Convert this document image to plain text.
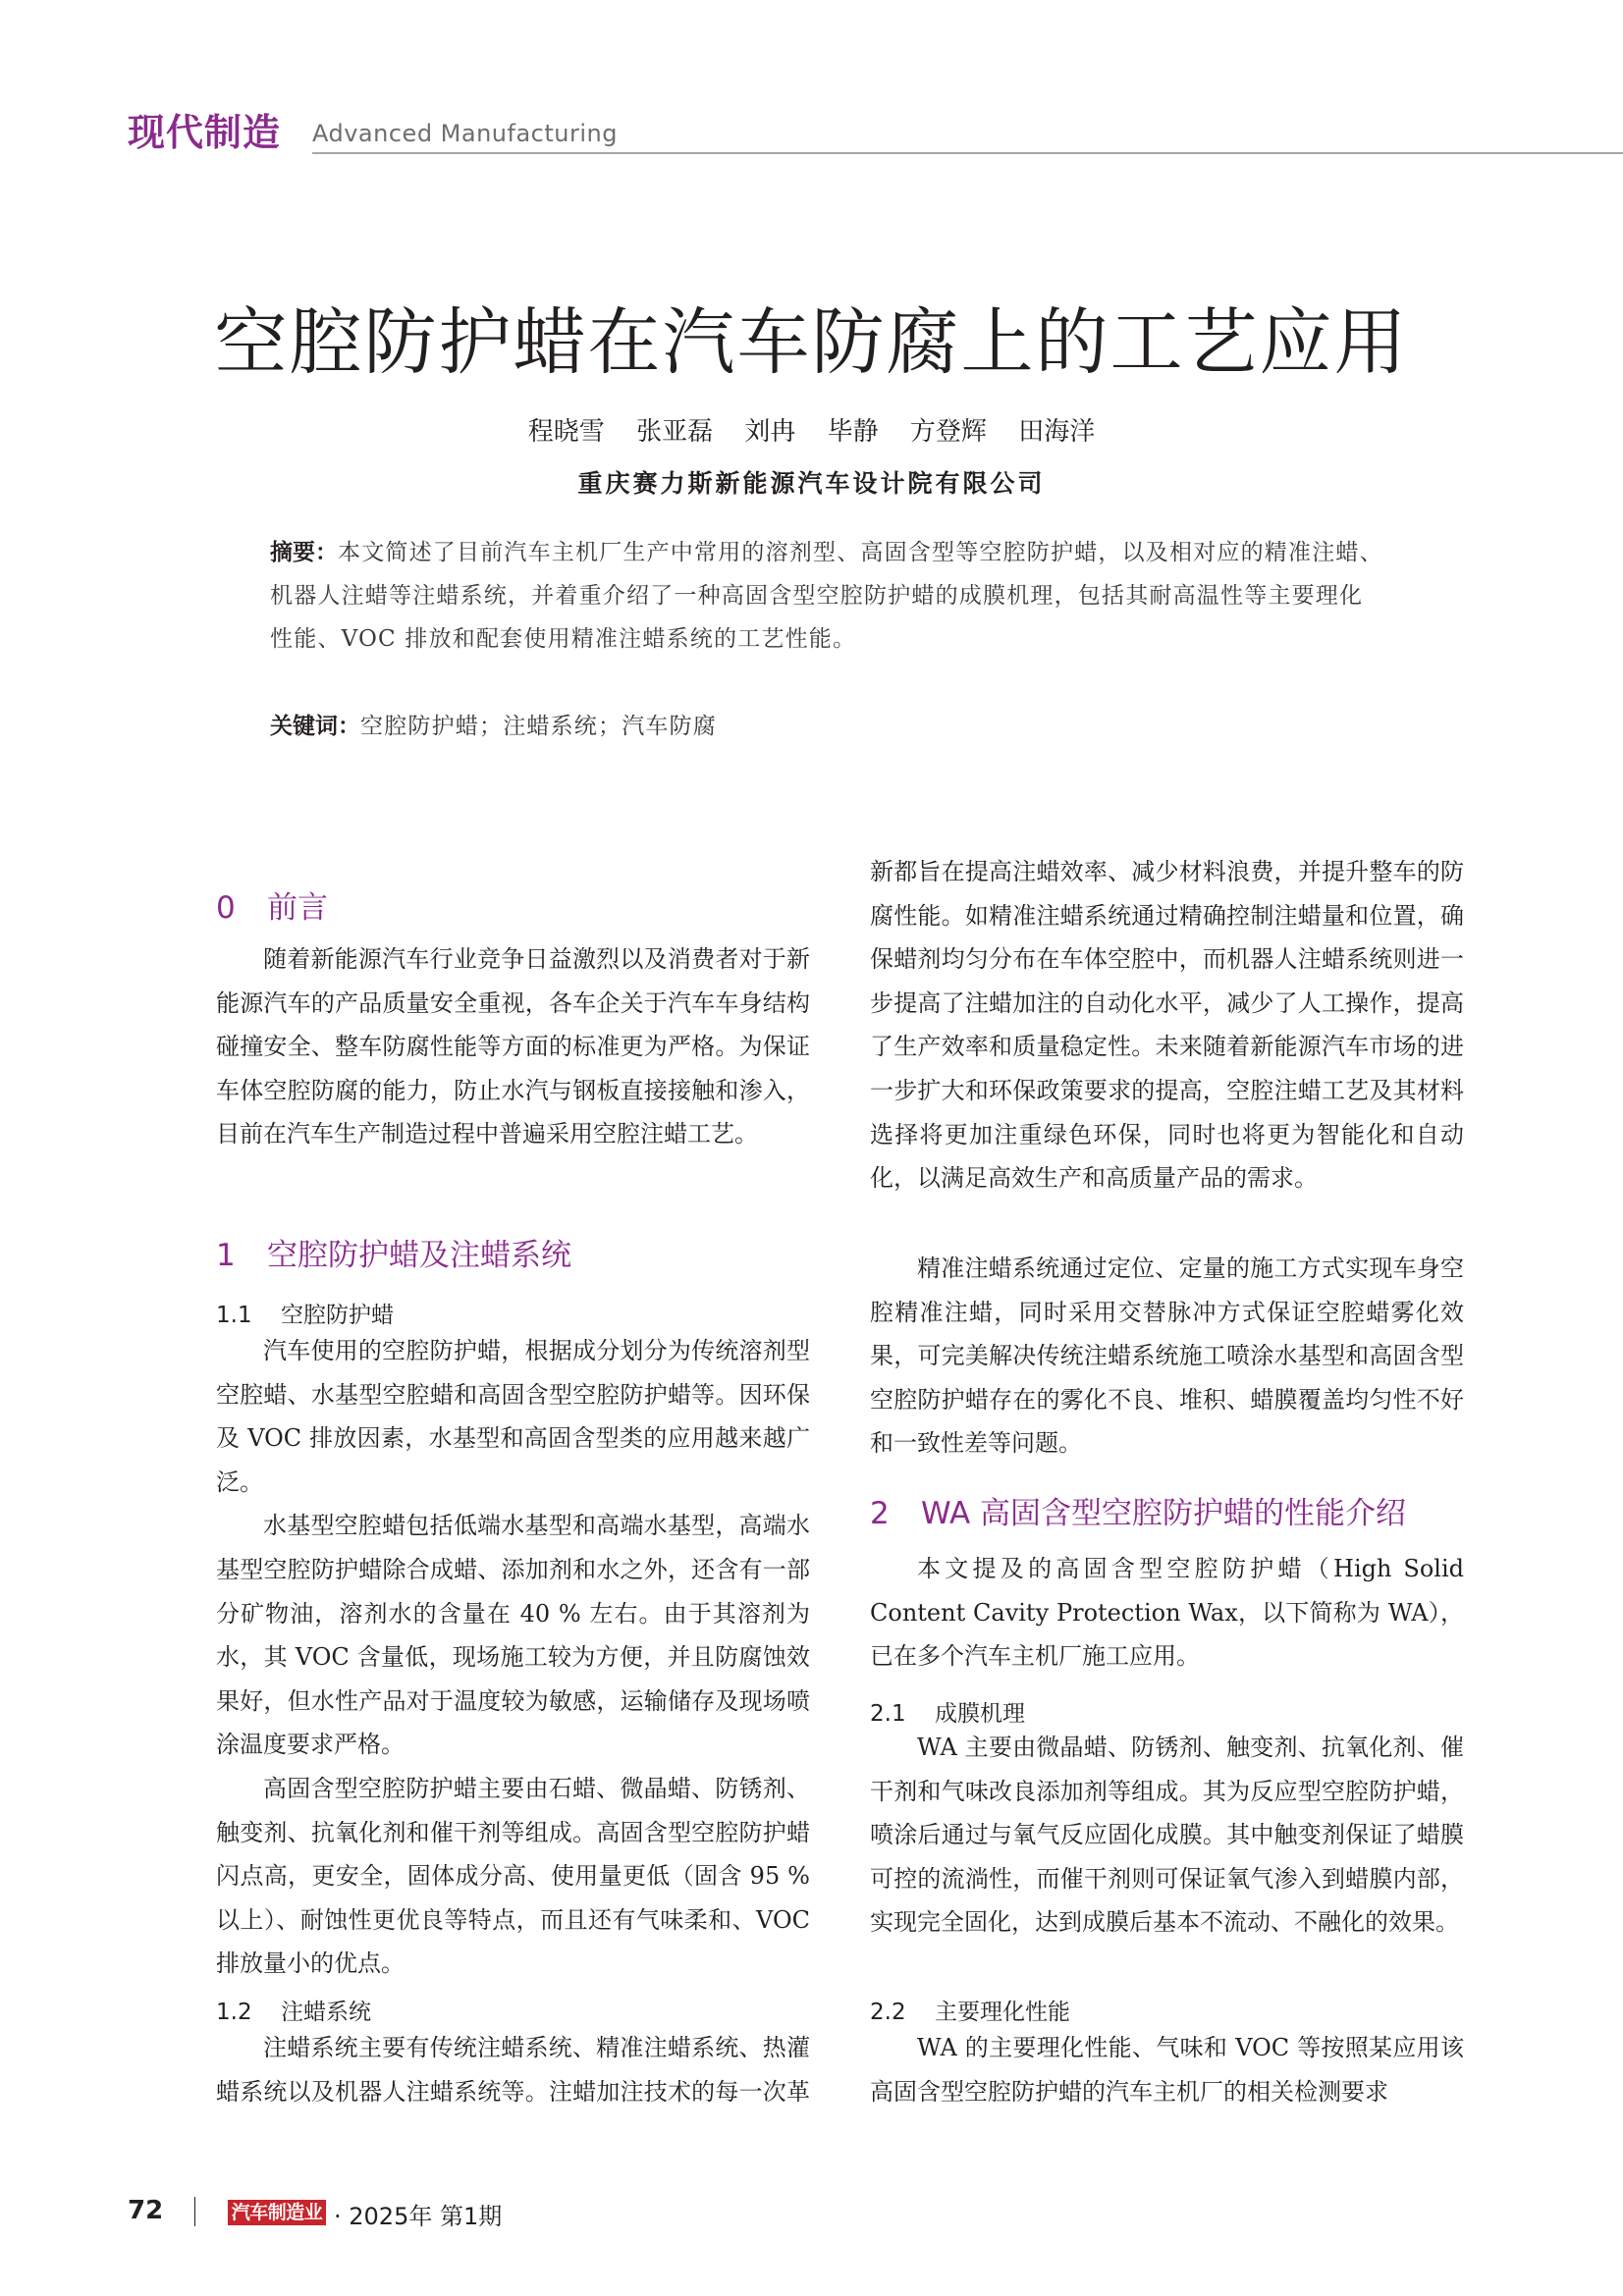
现代制造 Advanced Manufacturing
空腔防护蜡在汽车防腐上的工艺应用
程晓雪 张亚磊 刘冉 毕静 方登辉 田海洋
重庆赛力斯新能源汽车设计院有限公司
摘要：本文简述了目前汽车主机厂生产中常用的溶剂型、高固含型等空腔防护蜡，以及相对应的精准注蜡、
机器人注蜡等注蜡系统，并着重介绍了一种高固含型空腔防护蜡的成膜机理，包括其耐高温性等主要理化
性能、VOC 排放和配套使用精准注蜡系统的工艺性能。
关键词：空腔防护蜡；注蜡系统；汽车防腐
0 前言

随着新能源汽车行业竞争日益激烈以及消费者对于新能源汽车的产品质量安全重视，各车企关于汽车车身结构碰撞安全、整车防腐性能等方面的标准更为严格。为保证车体空腔防腐的能力，防止水汽与钢板直接接触和渗入，目前在汽车生产制造过程中普遍采用空腔注蜡工艺。

1 空腔防护蜡及注蜡系统
1.1 空腔防护蜡

汽车使用的空腔防护蜡，根据成分划分为传统溶剂型空腔蜡、水基型空腔蜡和高固含型空腔防护蜡等。因环保及 VOC 排放因素，水基型和高固含型类的应用越来越广泛。

水基型空腔蜡包括低端水基型和高端水基型，高端水基型空腔防护蜡除合成蜡、添加剂和水之外，还含有一部分矿物油，溶剂水的含量在 40 % 左右。由于其溶剂为水，其 VOC 含量低，现场施工较为方便，并且防腐蚀效果好，但水性产品对于温度较为敏感，运输储存及现场喷涂温度要求严格。

高固含型空腔防护蜡主要由石蜡、微晶蜡、防锈剂、触变剂、抗氧化剂和催干剂等组成。高固含型空腔防护蜡闪点高，更安全，固体成分高、使用量更低（固含 95 % 以上）、耐蚀性更优良等特点，而且还有气味柔和、VOC 排放量小的优点。

1.2 注蜡系统

注蜡系统主要有传统注蜡系统、精准注蜡系统、热灌蜡系统以及机器人注蜡系统等。注蜡加注技术的每一次革

新都旨在提高注蜡效率、减少材料浪费，并提升整车的防腐性能。如精准注蜡系统通过精确控制注蜡量和位置，确保蜡剂均匀分布在车体空腔中，而机器人注蜡系统则进一步提高了注蜡加注的自动化水平，减少了人工操作，提高了生产效率和质量稳定性。未来随着新能源汽车市场的进一步扩大和环保政策要求的提高，空腔注蜡工艺及其材料选择将更加注重绿色环保，同时也将更为智能化和自动化，以满足高效生产和高质量产品的需求。

精准注蜡系统通过定位、定量的施工方式实现车身空腔精准注蜡，同时采用交替脉冲方式保证空腔蜡雾化效果，可完美解决传统注蜡系统施工喷涂水基型和高固含型空腔防护蜡存在的雾化不良、堆积、蜡膜覆盖均匀性不好和一致性差等问题。

2 WA 高固含型空腔防护蜡的性能介绍

本文提及的高固含型空腔防护蜡（High Solid Content Cavity Protection Wax，以下简称为 WA），已在多个汽车主机厂施工应用。

2.1 成膜机理

WA 主要由微晶蜡、防锈剂、触变剂、抗氧化剂、催干剂和气味改良添加剂等组成。其为反应型空腔防护蜡，喷涂后通过与氧气反应固化成膜。其中触变剂保证了蜡膜可控的流淌性，而催干剂则可保证氧气渗入到蜡膜内部，实现完全固化，达到成膜后基本不流动、不融化的效果。

2.2 主要理化性能

WA 的主要理化性能、气味和 VOC 等按照某应用该高固含型空腔防护蜡的汽车主机厂的相关检测要求

72	汽车制造业 · 2025年 第1期
